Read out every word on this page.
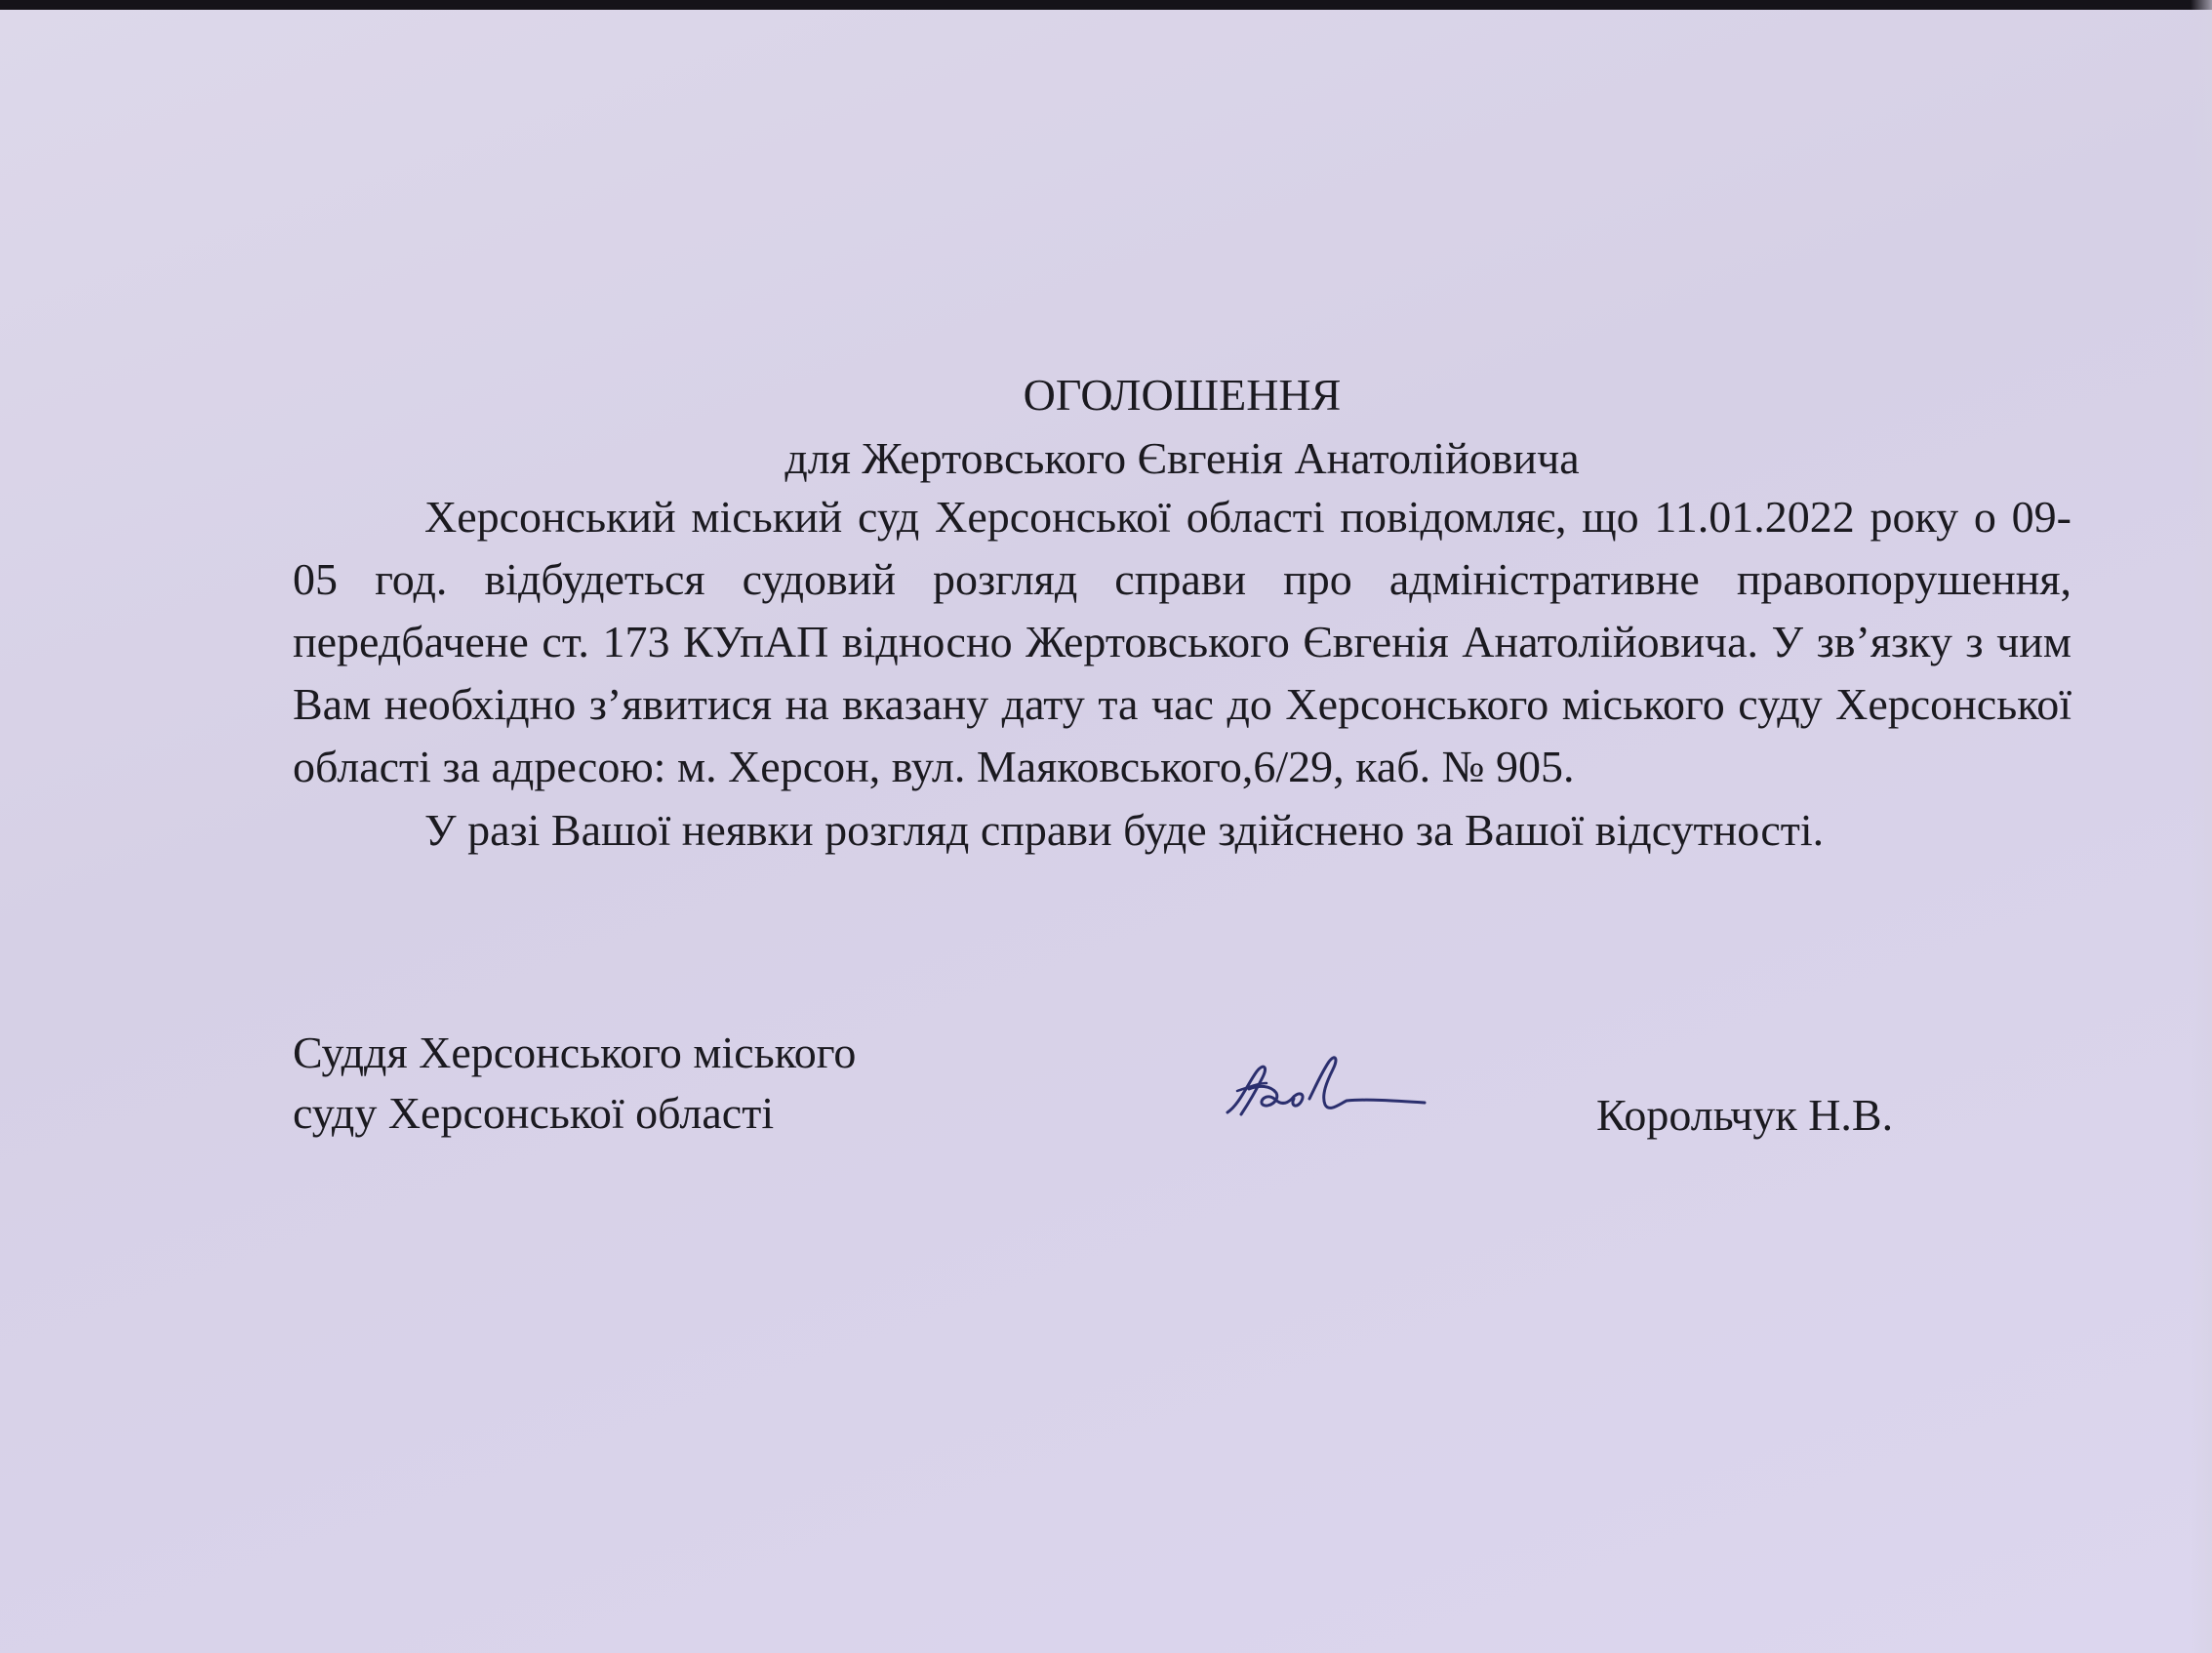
ОГОЛОШЕННЯ
для Жертовського Євгенія Анатолійовича

Херсонський міський суд Херсонської області повідомляє, що 11.01.2022 року о 09-05 год. відбудеться судовий розгляд справи про адміністративне правопорушення, передбачене ст. 173 КУпАП відносно Жертовського Євгенія Анатолійовича. У зв’язку з чим Вам необхідно з’явитися на вказану дату та час до Херсонського міського суду Херсонської області за адресою: м. Херсон, вул. Маяковського,6/29, каб. № 905.

У разі Вашої неявки розгляд справи буде здійснено за Вашої відсутності.

Суддя Херсонського міського
суду Херсонської області	Корольчук Н.В.
